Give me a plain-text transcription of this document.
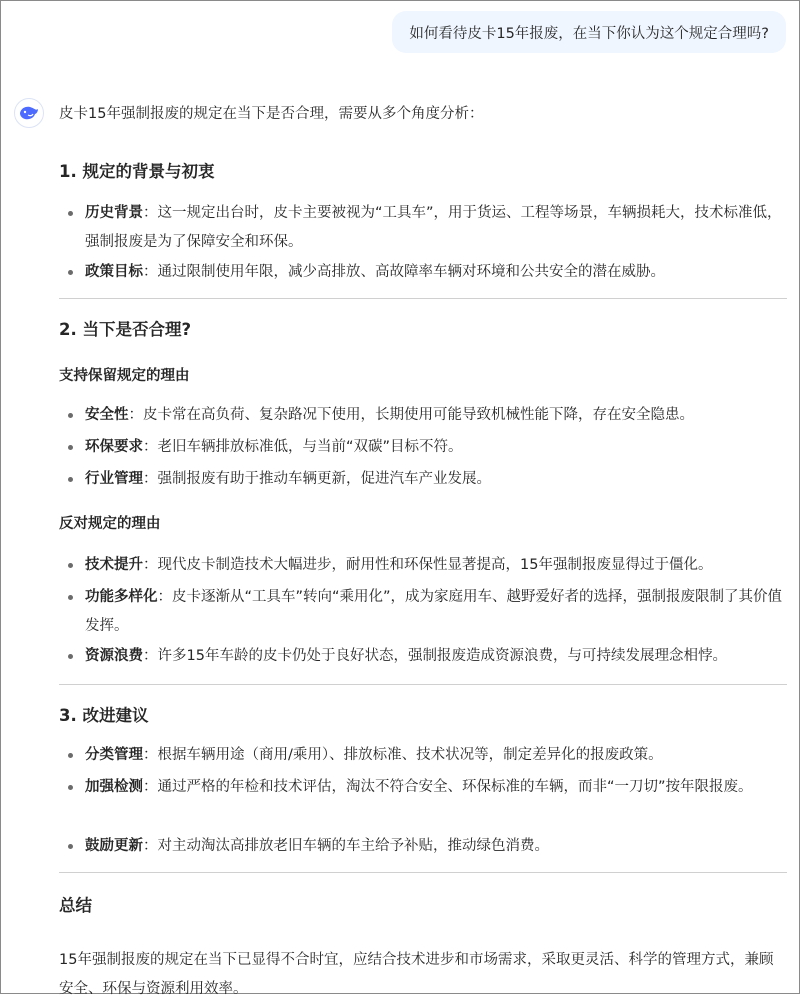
如何看待皮卡15年报废，在当下你认为这个规定合理吗?

皮卡15年强制报废的规定在当下是否合理，需要从多个角度分析：

1. 规定的背景与初衷
历史背景：这一规定出台时，皮卡主要被视为“工具车”，用于货运、工程等场景，车辆损耗大，技术标准低，强制报废是为了保障安全和环保。
政策目标：通过限制使用年限，减少高排放、高故障率车辆对环境和公共安全的潜在威胁。
2. 当下是否合理?
支持保留规定的理由
安全性：皮卡常在高负荷、复杂路况下使用，长期使用可能导致机械性能下降，存在安全隐患。
环保要求：老旧车辆排放标准低，与当前“双碳”目标不符。
行业管理：强制报废有助于推动车辆更新，促进汽车产业发展。
反对规定的理由
技术提升：现代皮卡制造技术大幅进步，耐用性和环保性显著提高，15年强制报废显得过于僵化。
功能多样化：皮卡逐渐从“工具车”转向“乘用化”，成为家庭用车、越野爱好者的选择，强制报废限制了其价值发挥。
资源浪费：许多15年车龄的皮卡仍处于良好状态，强制报废造成资源浪费，与可持续发展理念相悖。
3. 改进建议
分类管理：根据车辆用途（商用/乘用）、排放标准、技术状况等，制定差异化的报废政策。
加强检测：通过严格的年检和技术评估，淘汰不符合安全、环保标准的车辆，而非“一刀切”按年限报废。
鼓励更新：对主动淘汰高排放老旧车辆的车主给予补贴，推动绿色消费。
总结

15年强制报废的规定在当下已显得不合时宜，应结合技术进步和市场需求，采取更灵活、科学的管理方式，兼顾安全、环保与资源利用效率。
